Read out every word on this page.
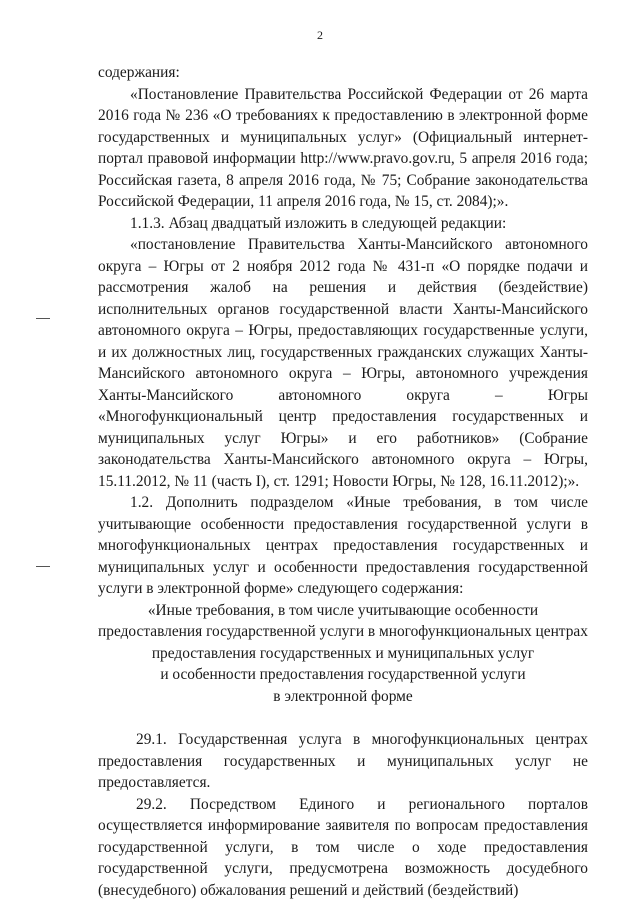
2

содержания:

«Постановление Правительства Российской Федерации от 26 марта 2016 года № 236 «О требованиях к предоставлению в электронной форме государственных и муниципальных услуг» (Официальный интернет-портал правовой информации http://www.pravo.gov.ru, 5 апреля 2016 года; Российская газета, 8 апреля 2016 года, № 75; Собрание законодательства Российской Федерации, 11 апреля 2016 года, № 15, ст. 2084);».

1.1.3. Абзац двадцатый изложить в следующей редакции:

«постановление Правительства Ханты-Мансийского автономного округа – Югры от 2 ноября 2012 года № 431-п «О порядке подачи и рассмотрения жалоб на решения и действия (бездействие) исполнительных органов государственной власти Ханты-Мансийского автономного округа – Югры, предоставляющих государственные услуги, и их должностных лиц, государственных гражданских служащих Ханты-Мансийского автономного округа – Югры, автономного учреждения Ханты-Мансийского автономного округа – Югры «Многофункциональный центр предоставления государственных и муниципальных услуг Югры» и его работников» (Собрание законодательства Ханты-Мансийского автономного округа – Югры, 15.11.2012, № 11 (часть I), ст. 1291; Новости Югры, № 128, 16.11.2012);».

1.2. Дополнить подразделом «Иные требования, в том числе учитывающие особенности предоставления государственной услуги в многофункциональных центрах предоставления государственных и муниципальных услуг и особенности предоставления государственной услуги в электронной форме» следующего содержания:

«Иные требования, в том числе учитывающие особенности

предоставления государственной услуги в многофункциональных центрах

предоставления государственных и муниципальных услуг

и особенности предоставления государственной услуги

в электронной форме

29.1. Государственная услуга в многофункциональных центрах предоставления государственных и муниципальных услуг не предоставляется.

29.2. Посредством Единого и регионального порталов осуществляется информирование заявителя по вопросам предоставления государственной услуги, в том числе о ходе предоставления государственной услуги, предусмотрена возможность досудебного (внесудебного) обжалования решений и действий (бездействий)
